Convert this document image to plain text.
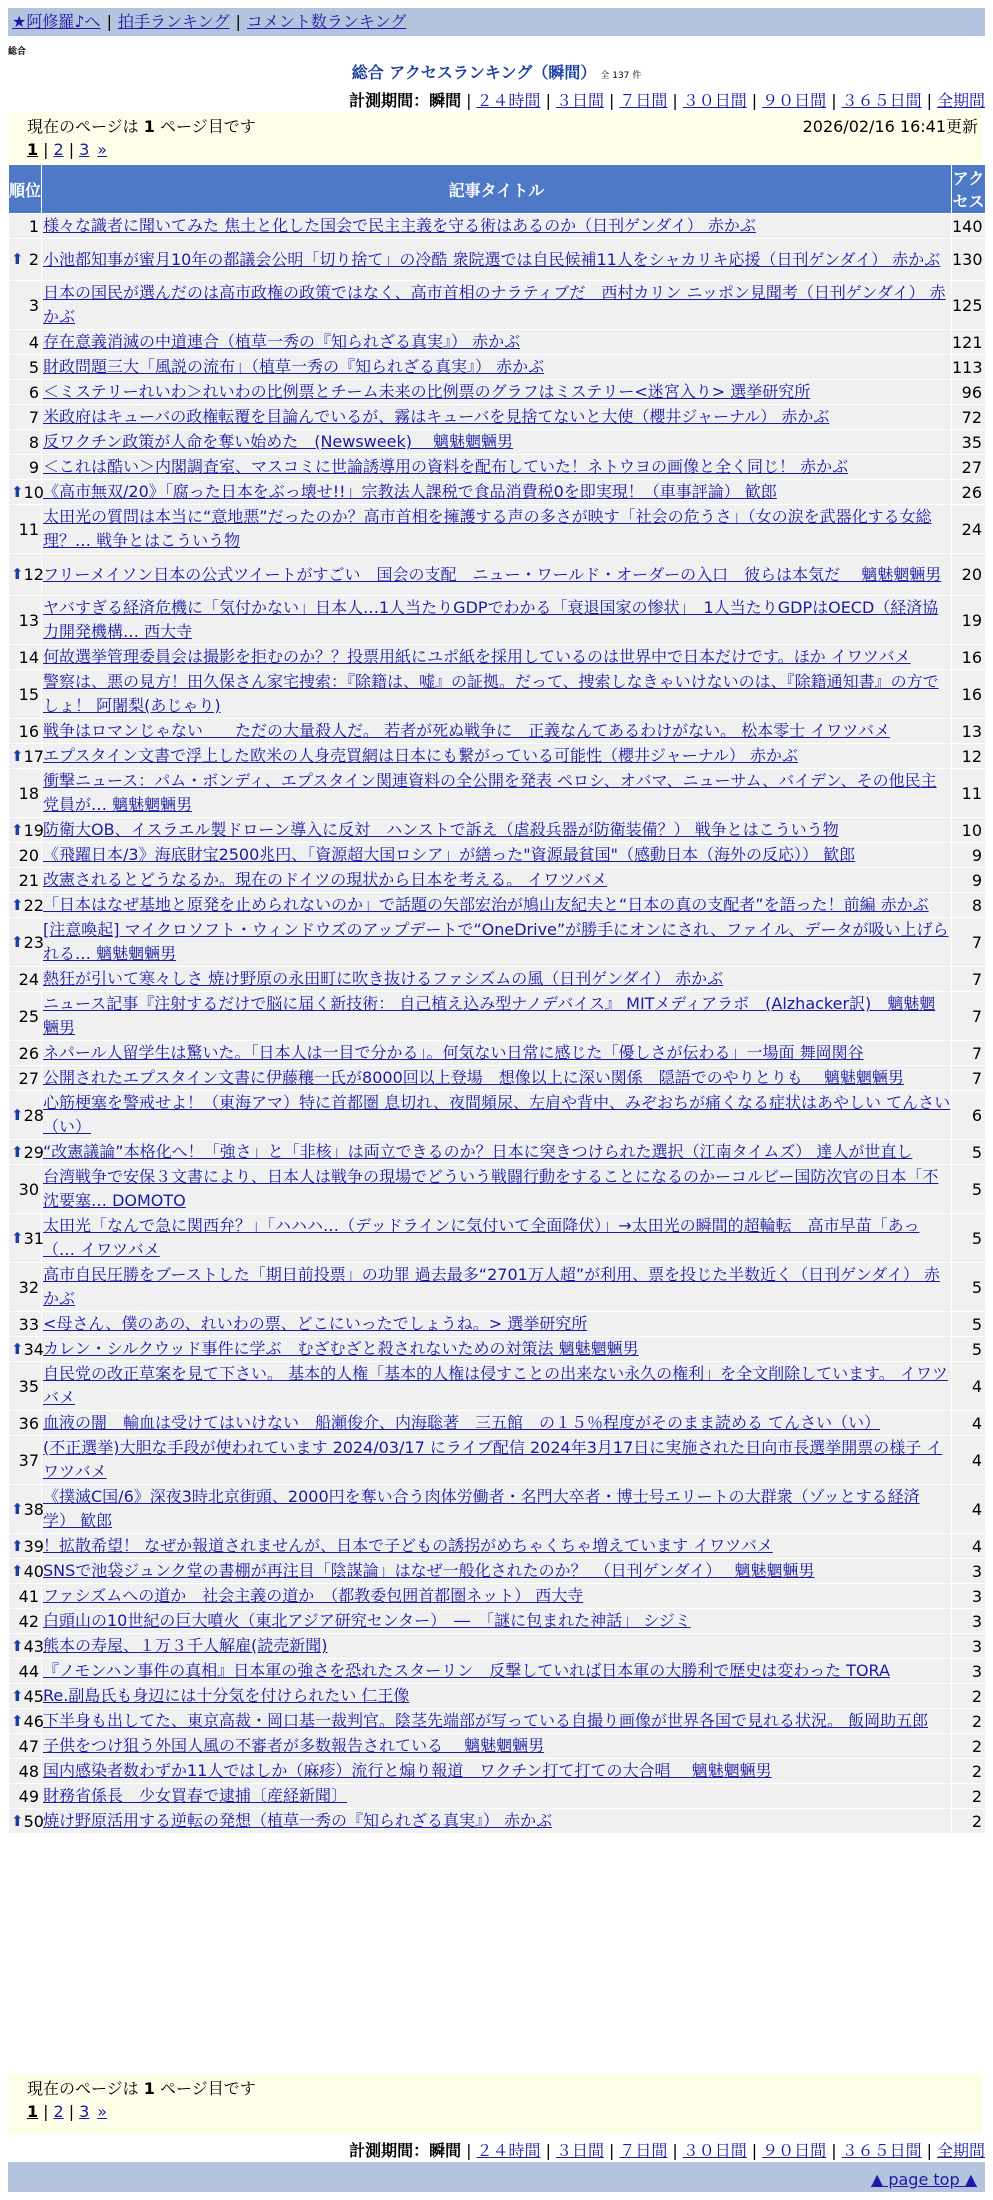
★阿修羅♪へ | 拍手ランキング | コメント数ランキング
総合
総合 アクセスランキング（瞬間） 全 137 件
計測期間：瞬間 | ２４時間 | ３日間 | ７日間 | ３０日間 | ９０日間 | ３６５日間 | 全期間
現在のページは 1 ページ目です	2026/02/16 16:41更新
1 | 2 | 3 »
順位	記事タイトル	アクセス
1	様々な識者に聞いてみた 焦土と化した国会で民主主義を守る術はあるのか（日刊ゲンダイ） 赤かぶ	140

⬆ 2	小池都知事が蜜月10年の都議会公明「切り捨て」の冷酷 衆院選では自民候補11人をシャカリキ応援（日刊ゲンダイ） 赤かぶ	130
3	日本の国民が選んだのは高市政権の政策ではなく、高市首相のナラティブだ　西村カリン ニッポン見聞考（日刊ゲンダイ） 赤かぶ	125
4	存在意義消滅の中道連合（植草一秀の『知られざる真実』） 赤かぶ	121
5	財政問題三大「風説の流布」（植草一秀の『知られざる真実』） 赤かぶ	113
6	＜ミステリーれいわ＞れいわの比例票とチーム未来の比例票のグラフはミステリー<迷宮入り> 選挙研究所	96
7	米政府はキューバの政権転覆を目論んでいるが、霧はキューバを見捨てないと大使（櫻井ジャーナル） 赤かぶ	72
8	反ワクチン政策が人命を奪い始めた　(Newsweek)　 魑魅魍魎男	35
9	＜これは酷い＞内閣調査室、マスコミに世論誘導用の資料を配布していた！ネトウヨの画像と全く同じ！ 赤かぶ	27

⬆ 10	《高市無双/20》「腐った日本をぶっ壊せ!!」宗教法人課税で食品消費税0を即実現！（車事評論） 歓郎	26
11	太田光の質問は本当に“意地悪”だったのか？高市首相を擁護する声の多さが映す「社会の危うさ」（女の涙を武器化する女総理？… 戦争とはこういう物	24

⬆ 12	フリーメイソン日本の公式ツイートがすごい　国会の支配　ニュー・ワールド・オーダーの入口　彼らは本気だ　 魑魅魍魎男	20
13	ヤバすぎる経済危機に「気付かない」日本人…1人当たりGDPでわかる「衰退国家の惨状」　1人当たりGDPはOECD（経済協力開発機構… 西大寺	19
14	何故選挙管理委員会は撮影を拒むのか？？投票用紙にユポ紙を採用しているのは世界中で日本だけです。ほか イワツバメ	16
15	警察は、悪の見方！田久保さん家宅捜索：『除籍は、嘘』の証拠。だって、捜索しなきゃいけないのは、『除籍通知書』の方でしょ！ 阿闍梨(あじゃり)	16
16	戦争はロマンじゃない　　ただの大量殺人だ。 若者が死ぬ戦争に　正義なんてあるわけがない。 松本零士 イワツバメ	13

⬆ 17	エプスタイン文書で浮上した欧米の人身売買網は日本にも繋がっている可能性（櫻井ジャーナル） 赤かぶ	12
18	衝撃ニュース：パム・ボンディ、エプスタイン関連資料の全公開を発表 ペロシ、オバマ、ニューサム、バイデン、その他民主党員が… 魑魅魍魎男	11

⬆ 19	防衛大OB、イスラエル製ドローン導入に反対　ハンストで訴え（虐殺兵器が防衛装備？） 戦争とはこういう物	10
20	《飛躍日本/3》海底財宝2500兆円、「資源超大国ロシア」が繕った"資源最貧国"（感動日本（海外の反応）） 歓郎	9
21	改憲されるとどうなるか。現在のドイツの現状から日本を考える。 イワツバメ	9

⬆ 22	「日本はなぜ基地と原発を止められないのか」で話題の矢部宏治が鳩山友紀夫と“日本の真の支配者”を語った！前編 赤かぶ	8

⬆ 23	[注意喚起] マイクロソフト・ウィンドウズのアップデートで“OneDrive”が勝手にオンにされ、ファイル、データが吸い上げられる… 魑魅魍魎男	7
24	熱狂が引いて寒々しさ 焼け野原の永田町に吹き抜けるファシズムの風（日刊ゲンダイ） 赤かぶ	7
25	ニュース記事『注射するだけで脳に届く新技術： 自己植え込み型ナノデバイス』 MITメディアラボ　(Alzhacker訳)　魑魅魍魎男	7
26	ネパール人留学生は驚いた。「日本人は一目で分かる」。何気ない日常に感じた「優しさが伝わる」一場面 舞岡関谷	7
27	公開されたエプスタイン文書に伊藤穰一氏が8000回以上登場　想像以上に深い関係　隠語でのやりとりも　 魑魅魍魎男	7

⬆ 28	心筋梗塞を警戒せよ！（東海アマ）特に首都圏 息切れ、夜間頻尿、左肩や背中、みぞおちが痛くなる症状はあやしい てんさい（い）	6

⬆ 29	“改憲議論”本格化へ！「強さ」と「非核」は両立できるのか？日本に突きつけられた選択（江南タイムズ） 達人が世直し	5
30	台湾戦争で安保３文書により、日本人は戦争の現場でどういう戦闘行動をすることになるのかーコルビー国防次官の日本「不沈要塞… DOMOTO	5

⬆ 31	太田光「なんで急に関西弁？」「ハハハ…（デッドラインに気付いて全面降伏）」→太田光の瞬間的超輪転　高市早苗「あっ（… イワツバメ	5
32	高市自民圧勝をブーストした「期日前投票」の功罪 過去最多“2701万人超”が利用、票を投じた半数近く（日刊ゲンダイ） 赤かぶ	5
33	<母さん、僕のあの、れいわの票、どこにいったでしょうね。> 選挙研究所	5

⬆ 34	カレン・シルクウッド事件に学ぶ　むざむざと殺されないための対策法 魑魅魍魎男	5
35	自民党の改正草案を見て下さい。 基本的人権「基本的人権は侵すことの出来ない永久の権利」を全文削除しています。 イワツバメ	4
36	血液の闇　輸血は受けてはいけない　船瀬俊介、内海聡著　三五館　の１５％程度がそのまま読める てんさい（い）	4
37	(不正選挙)大胆な手段が使われています 2024/03/17 にライブ配信 2024年3月17日に実施された日向市長選挙開票の様子 イワツバメ	4

⬆ 38	《撲滅C国/6》深夜3時北京街頭、2000円を奪い合う肉体労働者・名門大卒者・博士号エリートの大群衆（ゾッとする経済学） 歓郎	4

⬆ 39	！拡散希望！ なぜか報道されませんが、日本で子どもの誘拐がめちゃくちゃ増えています イワツバメ	4

⬆ 40	SNSで池袋ジュンク堂の書棚が再注目「陰謀論」はなぜ一般化されたのか？　（日刊ゲンダイ）　 魑魅魍魎男	3
41	ファシズムへの道か　社会主義の道か　（都教委包囲首都圏ネット） 西大寺	3
42	白頭山の10世紀の巨大噴火（東北アジア研究センター）　―　「謎に包まれた神話」 シジミ	3

⬆ 43	熊本の寿屋、１万３千人解雇(読売新聞)	3
44	『ノモンハン事件の真相』日本軍の強さを恐れたスターリン　反撃していれば日本軍の大勝利で歴史は変わった TORA	3

⬆ 45	Re.副島氏も身辺には十分気を付けられたい 仁王像	2

⬆ 46	下半身も出してた、東京高裁・岡口基一裁判官。陰茎先端部が写っている自撮り画像が世界各国で見れる状況。 飯岡助五郎	2
47	子供をつけ狙う外国人風の不審者が多数報告されている　 魑魅魍魎男	2
48	国内感染者数わずか11人ではしか（麻疹）流行と煽り報道　ワクチン打て打ての大合唱　 魑魅魍魎男	2
49	財務省係長　少女買春で逮捕〔産経新聞〕	2

⬆ 50	焼け野原活用する逆転の発想（植草一秀の『知られざる真実』） 赤かぶ	2
現在のページは 1 ページ目です
1 | 2 | 3 »
計測期間：瞬間 | ２４時間 | ３日間 | ７日間 | ３０日間 | ９０日間 | ３６５日間 | 全期間
▲ page top ▲
